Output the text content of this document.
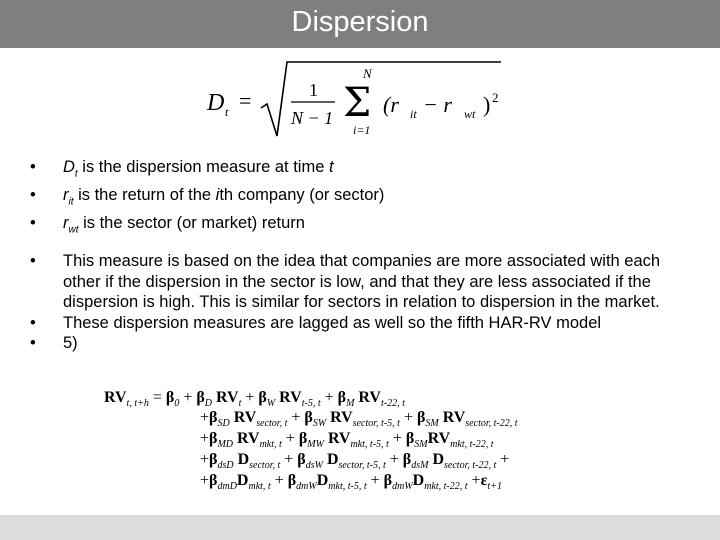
Dispersion
D t =	1
N − 1
N
Σ
i=1
(r it − r wt ) 2
• $D_t$ is the dispersion measure at time t
• $r_{it}$ is the return of the ith company (or sector)
• $r_{wt}$ is the sector (or market) return
• This measure is based on the idea that companies are more associated with each other if the dispersion in the sector is low, and that they are less associated if the dispersion is high. This is similar for sectors in relation to dispersion in the market.
• These dispersion measures are lagged as well so the fifth HAR-RV model
• 5)
$RV_{t, t+h} = \beta_0 + \beta_D$ $RV_t + \beta_W$ $RV_{t-5, t} + \beta_M$ $RV_{t-22, t}$
$+\beta_{SD}$ $RV_{sector, t} + \beta_{SW}$ $RV_{sector, t-5, t} + \beta_{SM}$ $RV_{sector, t-22, t}$
$+\beta_{MD}$ $RV_{mkt, t} + \beta_{MW}$ $RV_{mkt, t-5, t} + \beta_{SM}RV_{mkt, t-22, t}$
$+\beta_{dsD}$ $D_{sector, t} + \beta_{dsW}$ $D_{sector, t-5, t} + \beta_{dsM}$ $D_{sector, t-22, t}$ +
$+\beta_{dmD}D_{mkt, t} + \beta_{dmW}D_{mkt, t-5, t} + \beta_{dmW}D_{mkt, t-22, t} +\varepsilon_{t+1}$
